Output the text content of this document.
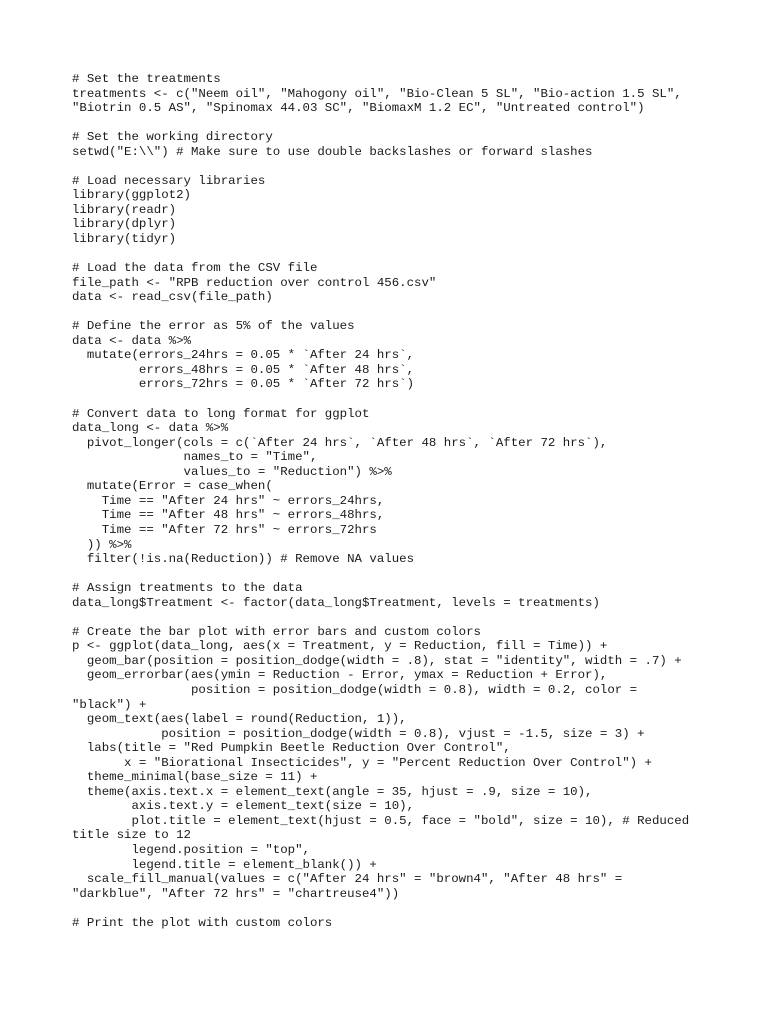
# Set the treatments
treatments <- c("Neem oil", "Mahogony oil", "Bio-Clean 5 SL", "Bio-action 1.5 SL",
"Biotrin 0.5 AS", "Spinomax 44.03 SC", "BiomaxM 1.2 EC", "Untreated control")
# Set the working directory
setwd("E:\\") # Make sure to use double backslashes or forward slashes
# Load necessary libraries
library(ggplot2)
library(readr)
library(dplyr)
library(tidyr)
# Load the data from the CSV file
file_path <- "RPB reduction over control 456.csv"
data <- read_csv(file_path)
# Define the error as 5% of the values
data <- data %>%
mutate(errors_24hrs = 0.05 * `After 24 hrs`,
errors_48hrs = 0.05 * `After 48 hrs`,
errors_72hrs = 0.05 * `After 72 hrs`)
# Convert data to long format for ggplot
data_long <- data %>%
pivot_longer(cols = c(`After 24 hrs`, `After 48 hrs`, `After 72 hrs`),
names_to = "Time",
values_to = "Reduction") %>%
mutate(Error = case_when(
Time == "After 24 hrs" ~ errors_24hrs,
Time == "After 48 hrs" ~ errors_48hrs,
Time == "After 72 hrs" ~ errors_72hrs
)) %>%
filter(!is.na(Reduction)) # Remove NA values
# Assign treatments to the data
data_long$Treatment <- factor(data_long$Treatment, levels = treatments)
# Create the bar plot with error bars and custom colors
p <- ggplot(data_long, aes(x = Treatment, y = Reduction, fill = Time)) +
geom_bar(position = position_dodge(width = .8), stat = "identity", width = .7) +
geom_errorbar(aes(ymin = Reduction - Error, ymax = Reduction + Error),
position = position_dodge(width = 0.8), width = 0.2, color =
"black") +
geom_text(aes(label = round(Reduction, 1)),
position = position_dodge(width = 0.8), vjust = -1.5, size = 3) +
labs(title = "Red Pumpkin Beetle Reduction Over Control",
x = "Biorational Insecticides", y = "Percent Reduction Over Control") +
theme_minimal(base_size = 11) +
theme(axis.text.x = element_text(angle = 35, hjust = .9, size = 10),
axis.text.y = element_text(size = 10),
plot.title = element_text(hjust = 0.5, face = "bold", size = 10), # Reduced
title size to 12
legend.position = "top",
legend.title = element_blank()) +
scale_fill_manual(values = c("After 24 hrs" = "brown4", "After 48 hrs" =
"darkblue", "After 72 hrs" = "chartreuse4"))
# Print the plot with custom colors
